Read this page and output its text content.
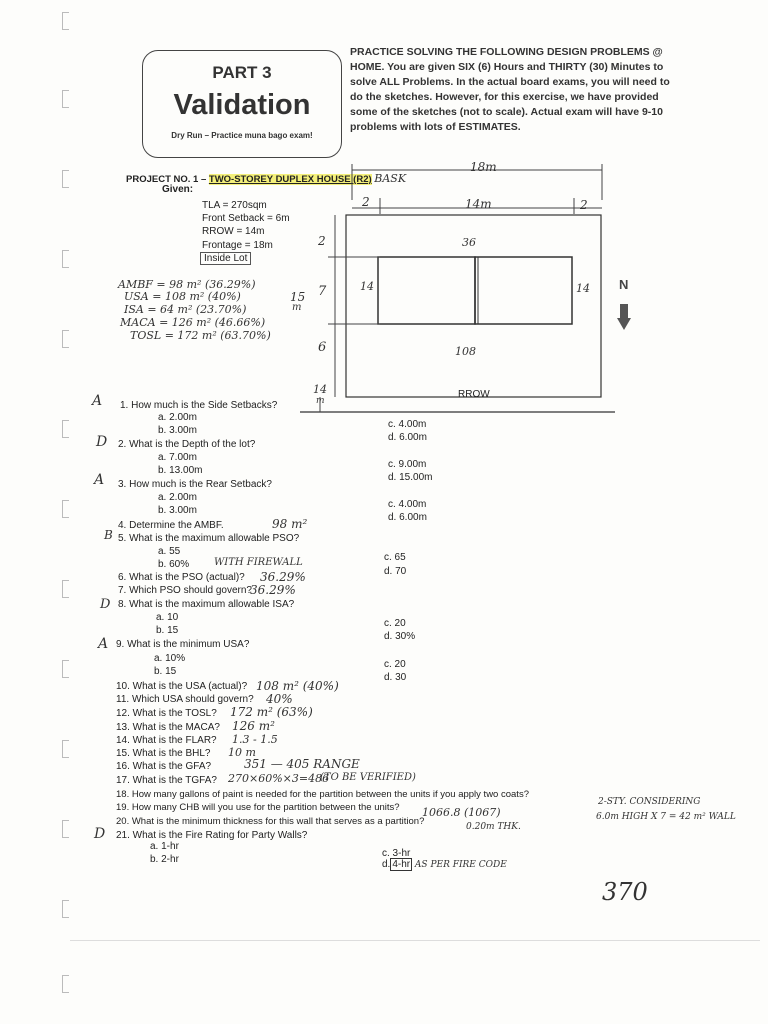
PART 3
Validation
Dry Run – Practice muna bago exam!
PRACTICE SOLVING THE FOLLOWING DESIGN PROBLEMS @ HOME. You are given SIX (6) Hours and THIRTY (30) Minutes to solve ALL Problems. In the actual board exams, you will need to do the sketches. However, for this exercise, we have provided some of the sketches (not to scale). Actual exam will have 9-10 problems with lots of ESTIMATES.
PROJECT NO. 1 – TWO-STOREY DUPLEX HOUSE (R2) BASK
Given:
TLA = 270sqm
Front Setback = 6m
RROW = 14m
Frontage = 18m
Inside Lot
AMBF = 98 m² (36.29%)
USA = 108 m² (40%)
ISA = 64 m² (23.70%)
MACA = 126 m² (46.66%)
TOSL = 172 m² (63.70%)
18m
2	14m	2
2
7
6
15
m
14	14
36
108
14
m
RROW
N
A
D
A
B
D
A
D
1. How much is the Side Setbacks?
a. 2.00m
b. 3.00m
c. 4.00m
d. 6.00m
2. What is the Depth of the lot?
a. 7.00m
b. 13.00m
c. 9.00m
d. 15.00m
3. How much is the Rear Setback?
a. 2.00m
b. 3.00m
c. 4.00m
d. 6.00m
4. Determine the AMBF.	98 m²
5. What is the maximum allowable PSO?
a. 55
b. 60% WITH FIREWALL	c. 65
d. 70
6. What is the PSO (actual)? 36.29%
7. Which PSO should govern?
36.29%
8. What is the maximum allowable ISA?
a. 10
b. 15
c. 20
d. 30%
9. What is the minimum USA?
a. 10%
b. 15
c. 20
d. 30
10. What is the USA (actual)? 108 m² (40%)
11. Which USA should govern? 40%
12. What is the TOSL? 172 m² (63%)
13. What is the MACA? 126 m²
14. What is the FLAR? 1.3 - 1.5
15. What is the BHL? 10 m
16. What is the GFA?	351 — 405 RANGE
17. What is the TGFA? 270×60%×3=486
(TO BE VERIFIED)
18. How many gallons of paint is needed for the partition between the units if you apply two coats?
2-STY. CONSIDERING
19. How many CHB will you use for the partition between the units? 1066.8 (1067)	6.0m HIGH X 7 = 42 m² WALL
20. What is the minimum thickness for this wall that serves as a partition?	0.20m THK.
21. What is the Fire Rating for Party Walls?
a. 1-hr
b. 2-hr
c. 3-hr
d. 4-hr AS PER FIRE CODE
370
